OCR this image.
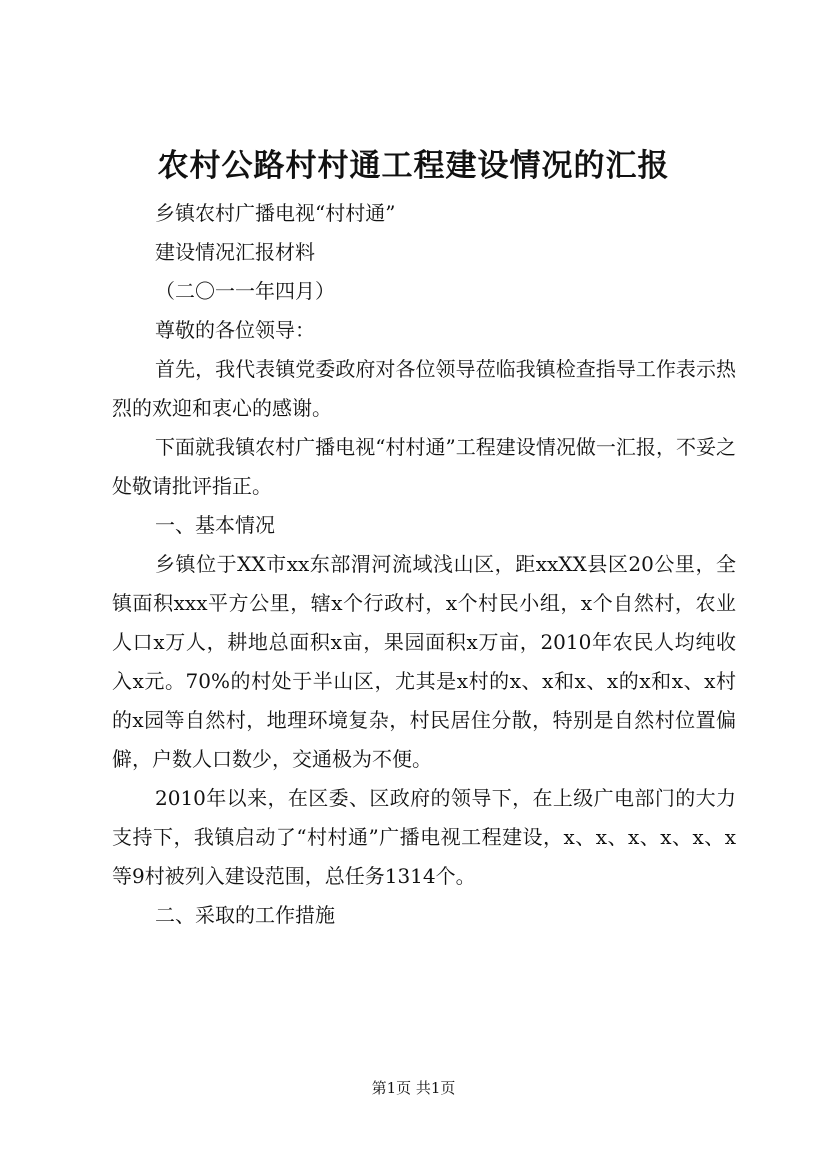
农村公路村村通工程建设情况的汇报

乡镇农村广播电视“村村通”

建设情况汇报材料

（二〇一一年四月）

尊敬的各位领导：

首先，我代表镇党委政府对各位领导莅临我镇检查指导工作表示热烈的欢迎和衷心的感谢。

下面就我镇农村广播电视“村村通”工程建设情况做一汇报，不妥之处敬请批评指正。

一、基本情况

乡镇位于XX市xx东部渭河流域浅山区，距xxXX县区20公里，全镇面积xxx平方公里，辖x个行政村，x个村民小组，x个自然村，农业人口x万人，耕地总面积x亩，果园面积x万亩，2010年农民人均纯收入x元。70%的村处于半山区，尤其是x村的x、x和x、x的x和x、x村的x园等自然村，地理环境复杂，村民居住分散，特别是自然村位置偏僻，户数人口数少，交通极为不便。

2010年以来，在区委、区政府的领导下，在上级广电部门的大力支持下，我镇启动了“村村通”广播电视工程建设，x、x、x、x、x、x等9村被列入建设范围，总任务1314个。

二、采取的工作措施

第1页 共1页
